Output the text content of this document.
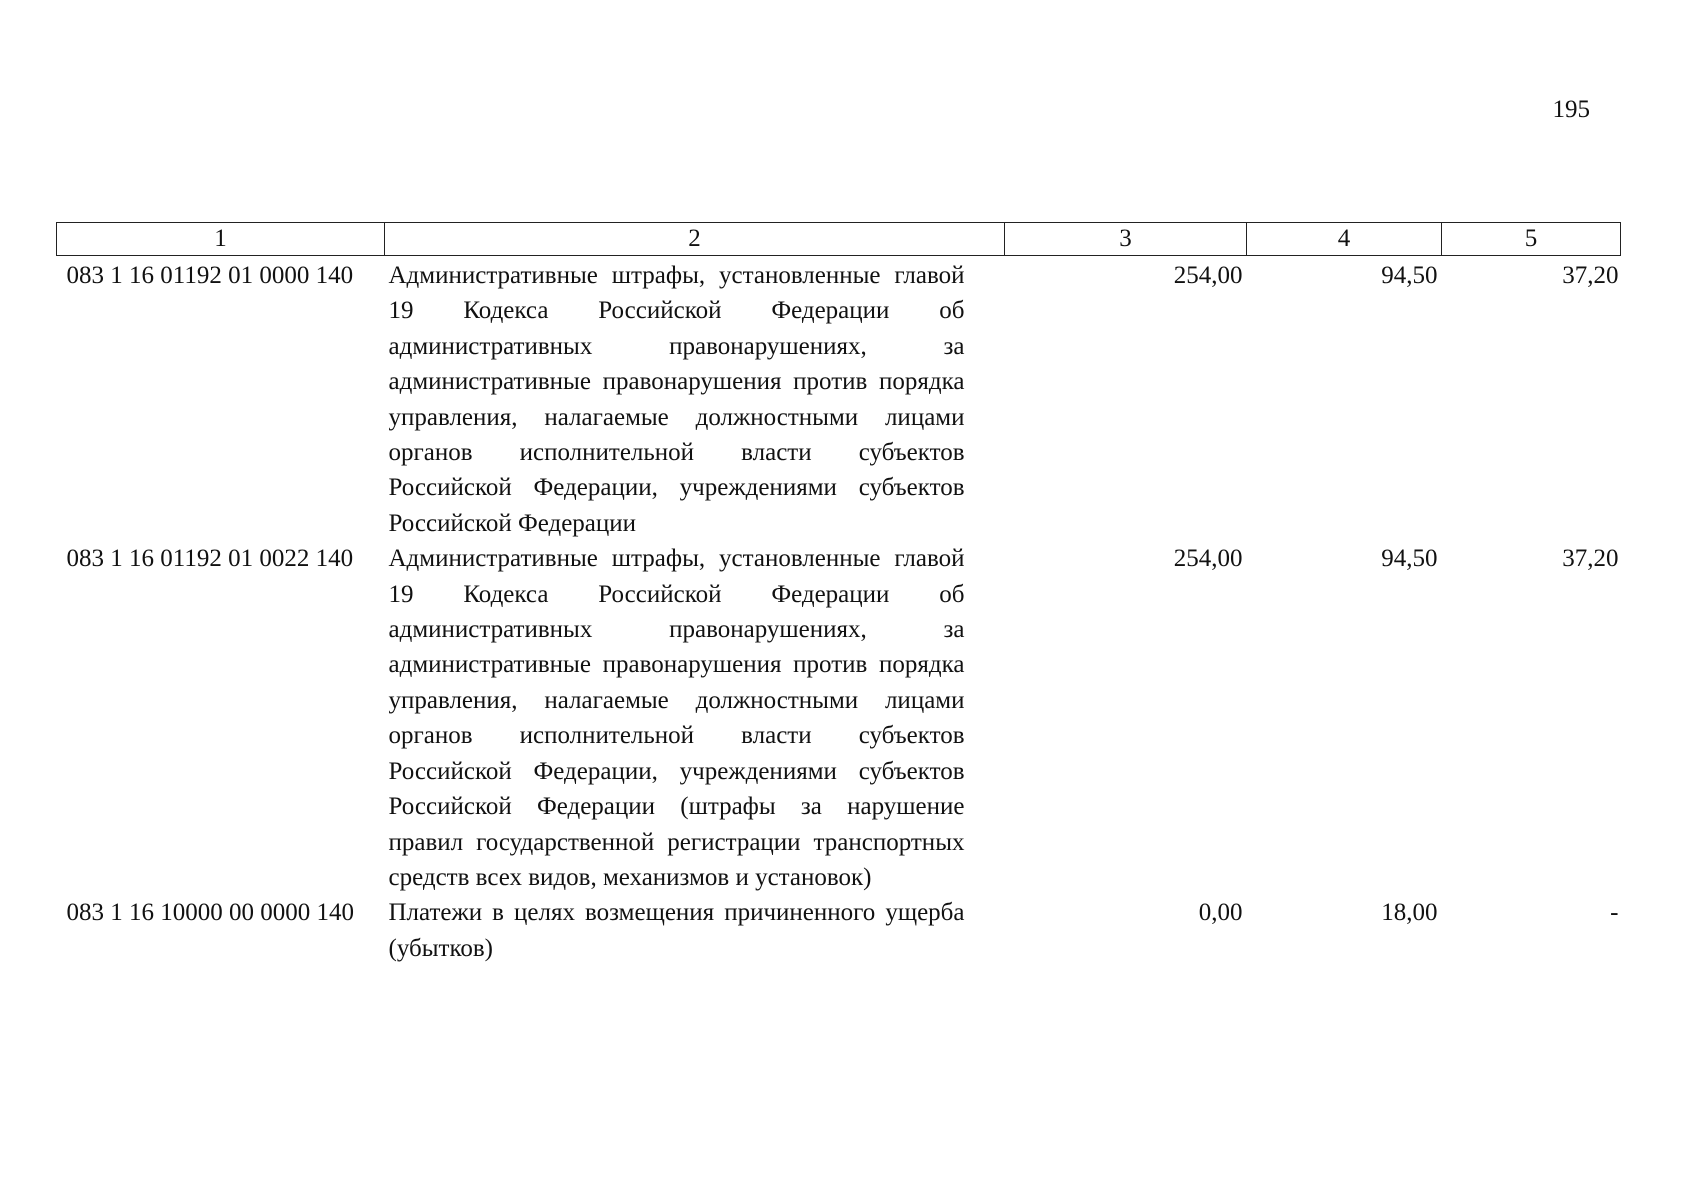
195
1	2	3	4	5
083 1 16 01192 01 0000 140	Административные штрафы, установленные главой 19 Кодекса Российской Федерации об административных правонарушениях, за административные правонарушения против порядка управления, налагаемые должностными лицами органов исполнительной власти субъектов Российской Федерации, учреждениями субъектов Российской Федерации	254,00	94,50	37,20
083 1 16 01192 01 0022 140	Административные штрафы, установленные главой 19 Кодекса Российской Федерации об административных правонарушениях, за административные правонарушения против порядка управления, налагаемые должностными лицами органов исполнительной власти субъектов Российской Федерации, учреждениями субъектов Российской Федерации (штрафы за нарушение правил государственной регистрации транспортных средств всех видов, механизмов и установок)	254,00	94,50	37,20
083 1 16 10000 00 0000 140	Платежи в целях возмещения причиненного ущерба (убытков)	0,00	18,00	-
